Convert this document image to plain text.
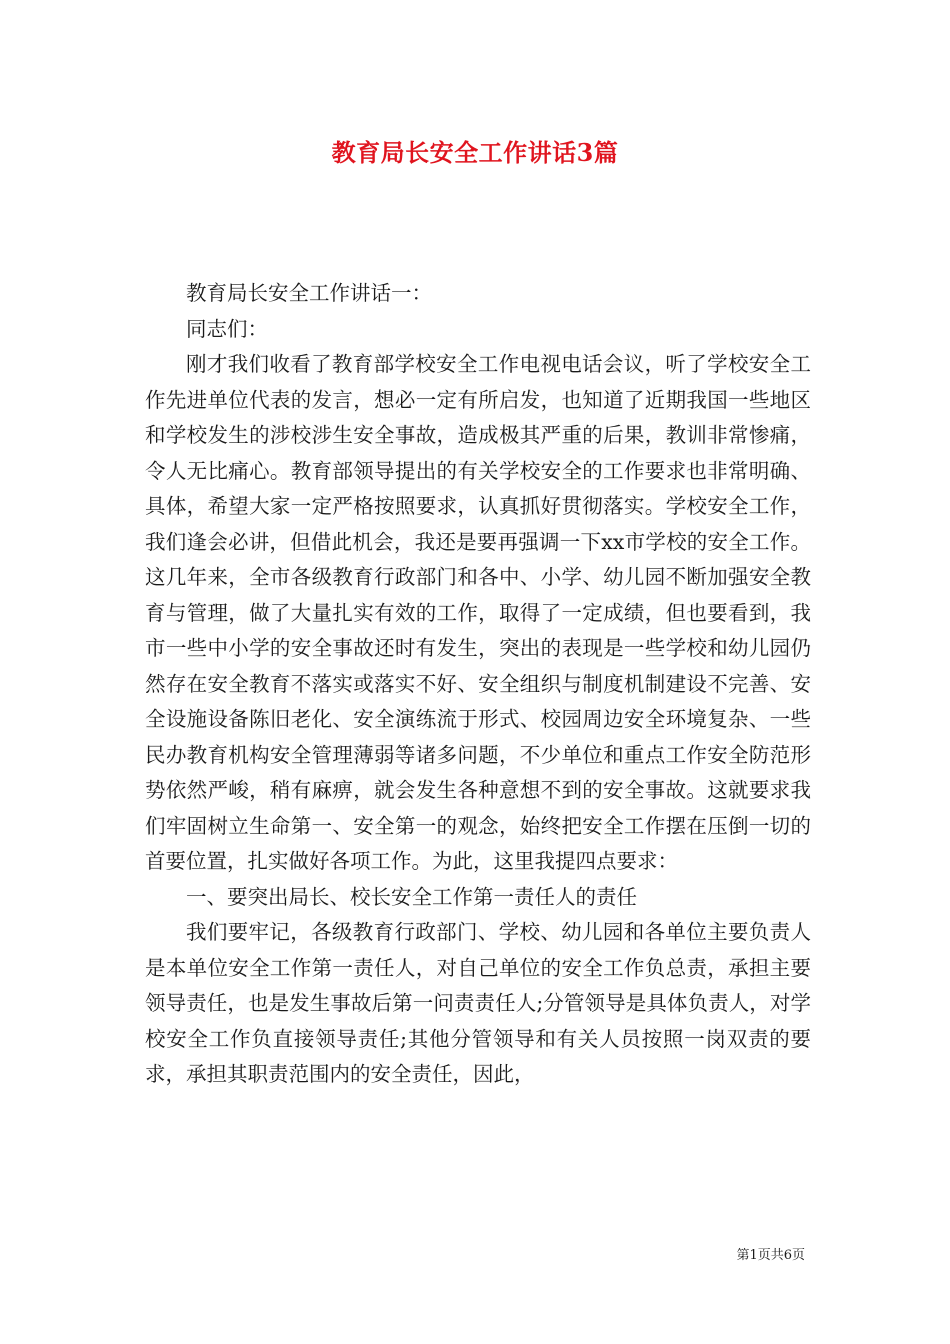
教育局长安全工作讲话3篇

教育局长安全工作讲话一：

同志们：

刚才我们收看了教育部学校安全工作电视电话会议，听了学校安全工作先进单位代表的发言，想必一定有所启发，也知道了近期我国一些地区和学校发生的涉校涉生安全事故，造成极其严重的后果，教训非常惨痛，令人无比痛心。教育部领导提出的有关学校安全的工作要求也非常明确、具体，希望大家一定严格按照要求，认真抓好贯彻落实。学校安全工作，我们逢会必讲，但借此机会，我还是要再强调一下xx市学校的安全工作。这几年来，全市各级教育行政部门和各中、小学、幼儿园不断加强安全教育与管理，做了大量扎实有效的工作，取得了一定成绩，但也要看到，我市一些中小学的安全事故还时有发生，突出的表现是一些学校和幼儿园仍然存在安全教育不落实或落实不好、安全组织与制度机制建设不完善、安全设施设备陈旧老化、安全演练流于形式、校园周边安全环境复杂、一些民办教育机构安全管理薄弱等诸多问题，不少单位和重点工作安全防范形势依然严峻，稍有麻痹，就会发生各种意想不到的安全事故。这就要求我们牢固树立生命第一、安全第一的观念，始终把安全工作摆在压倒一切的首要位置，扎实做好各项工作。为此，这里我提四点要求：

一、要突出局长、校长安全工作第一责任人的责任

我们要牢记，各级教育行政部门、学校、幼儿园和各单位主要负责人是本单位安全工作第一责任人，对自己单位的安全工作负总责，承担主要领导责任，也是发生事故后第一问责责任人;分管领导是具体负责人，对学校安全工作负直接领导责任;其他分管领导和有关人员按照一岗双责的要求，承担其职责范围内的安全责任，因此，

第1页共6页
